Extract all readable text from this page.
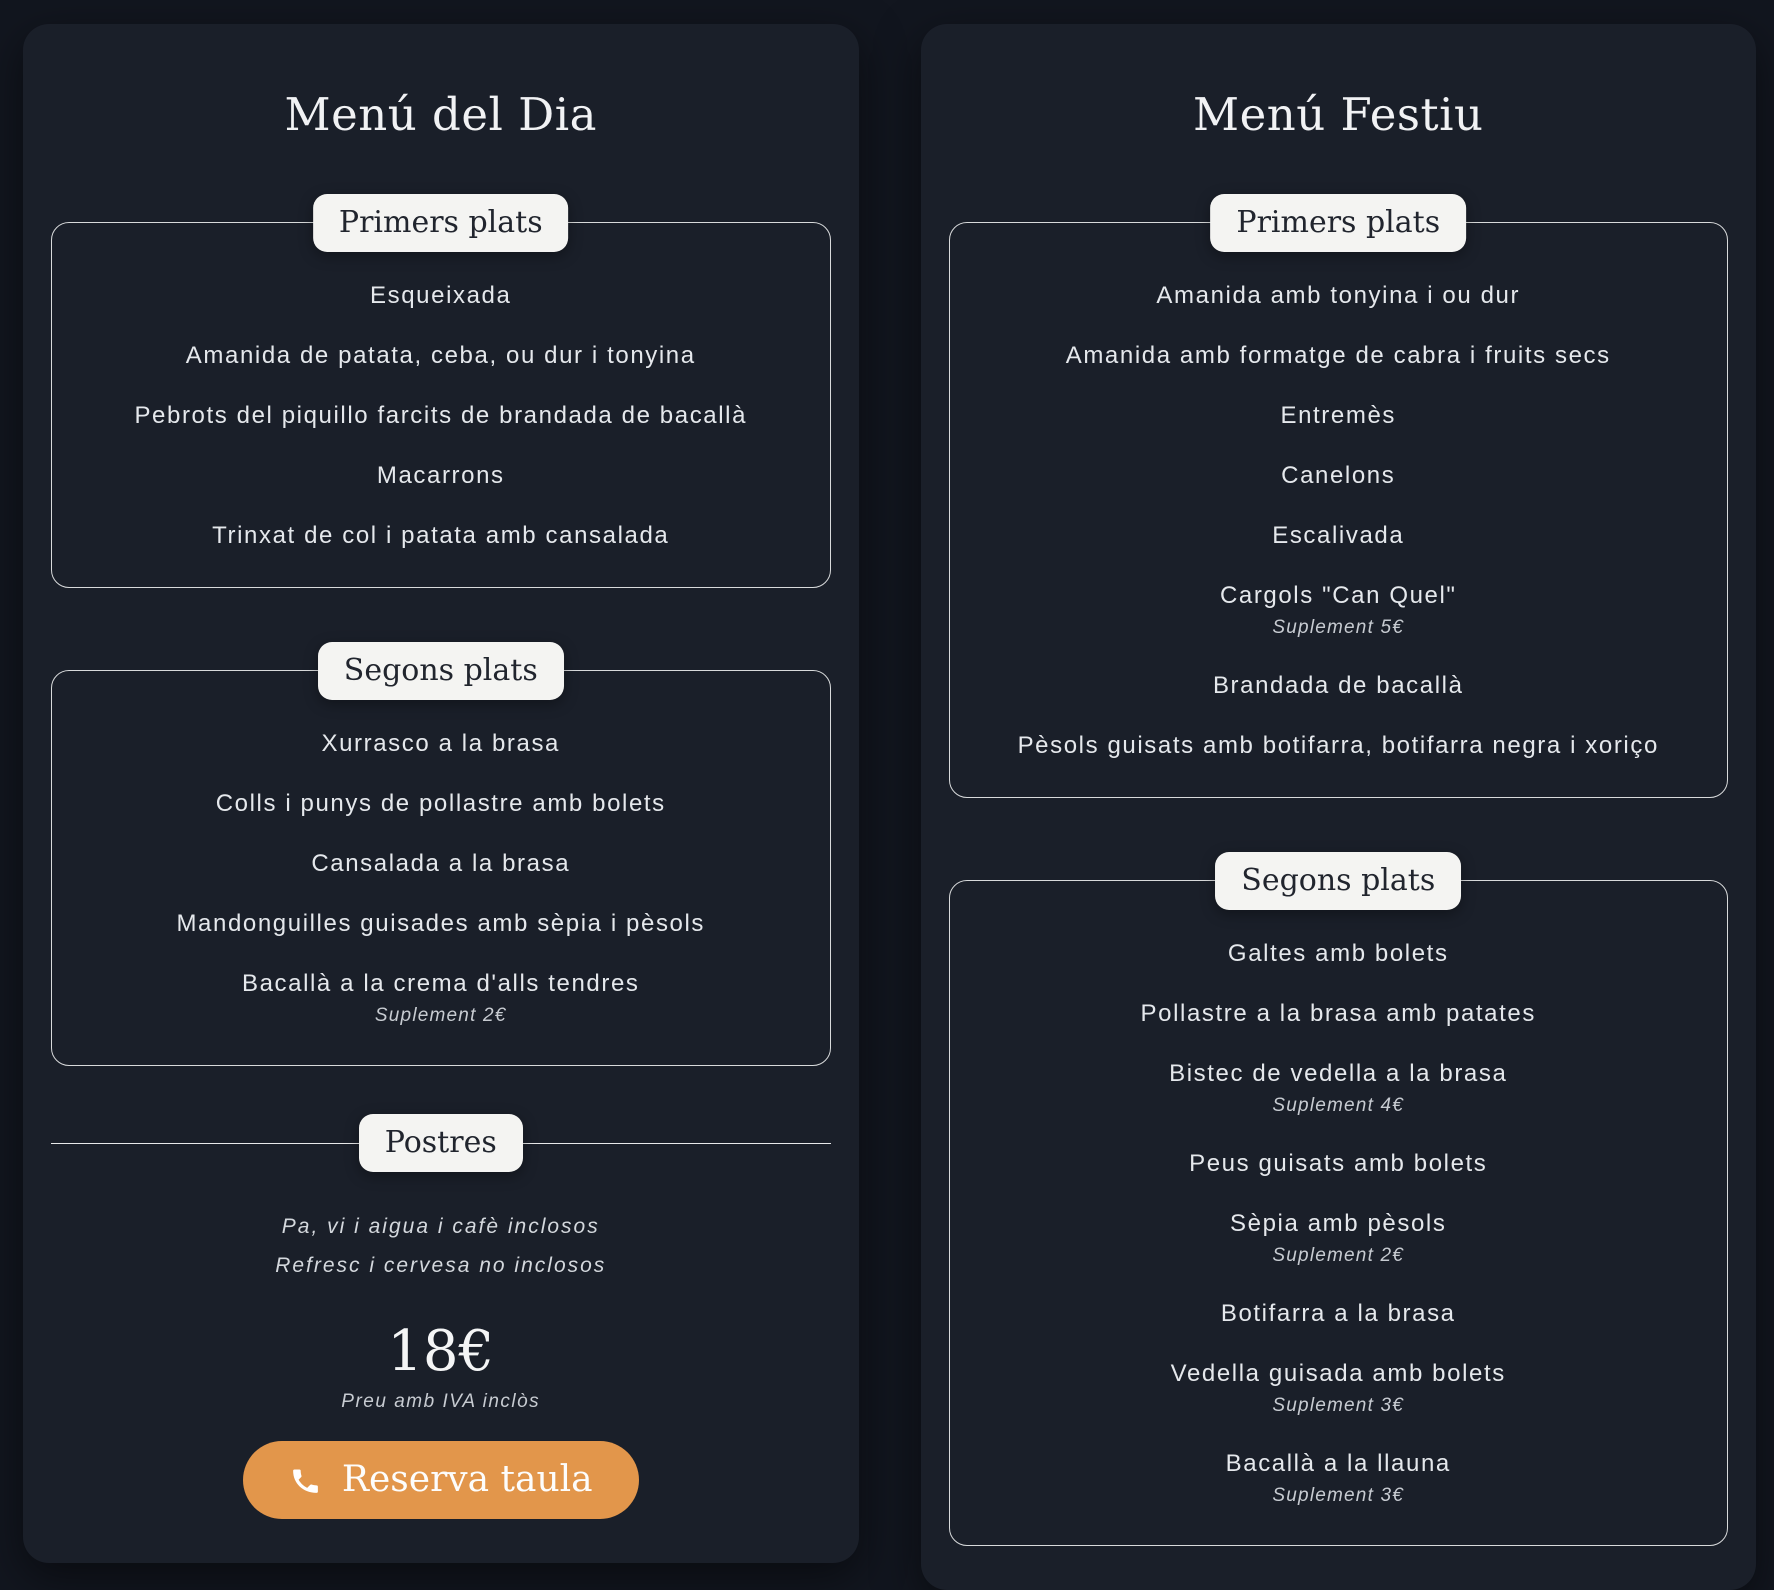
Menú del Dia
Primers plats
Esqueixada
Amanida de patata, ceba, ou dur i tonyina
Pebrots del piquillo farcits de brandada de bacallà
Macarrons
Trinxat de col i patata amb cansalada
Segons plats
Xurrasco a la brasa
Colls i punys de pollastre amb bolets
Cansalada a la brasa
Mandonguilles guisades amb sèpia i pèsols
Bacallà a la crema d'alls tendres
Suplement 2€
Postres

Pa, vi i aigua i cafè inclosos

Refresc i cervesa no inclosos

18€
Preu amb IVA inclòs
Reserva taula
Menú Festiu
Primers plats
Amanida amb tonyina i ou dur
Amanida amb formatge de cabra i fruits secs
Entremès
Canelons
Escalivada
Cargols "Can Quel"
Suplement 5€
Brandada de bacallà
Pèsols guisats amb botifarra, botifarra negra i xoriço
Segons plats
Galtes amb bolets
Pollastre a la brasa amb patates
Bistec de vedella a la brasa
Suplement 4€
Peus guisats amb bolets
Sèpia amb pèsols
Suplement 2€
Botifarra a la brasa
Vedella guisada amb bolets
Suplement 3€
Bacallà a la llauna
Suplement 3€
